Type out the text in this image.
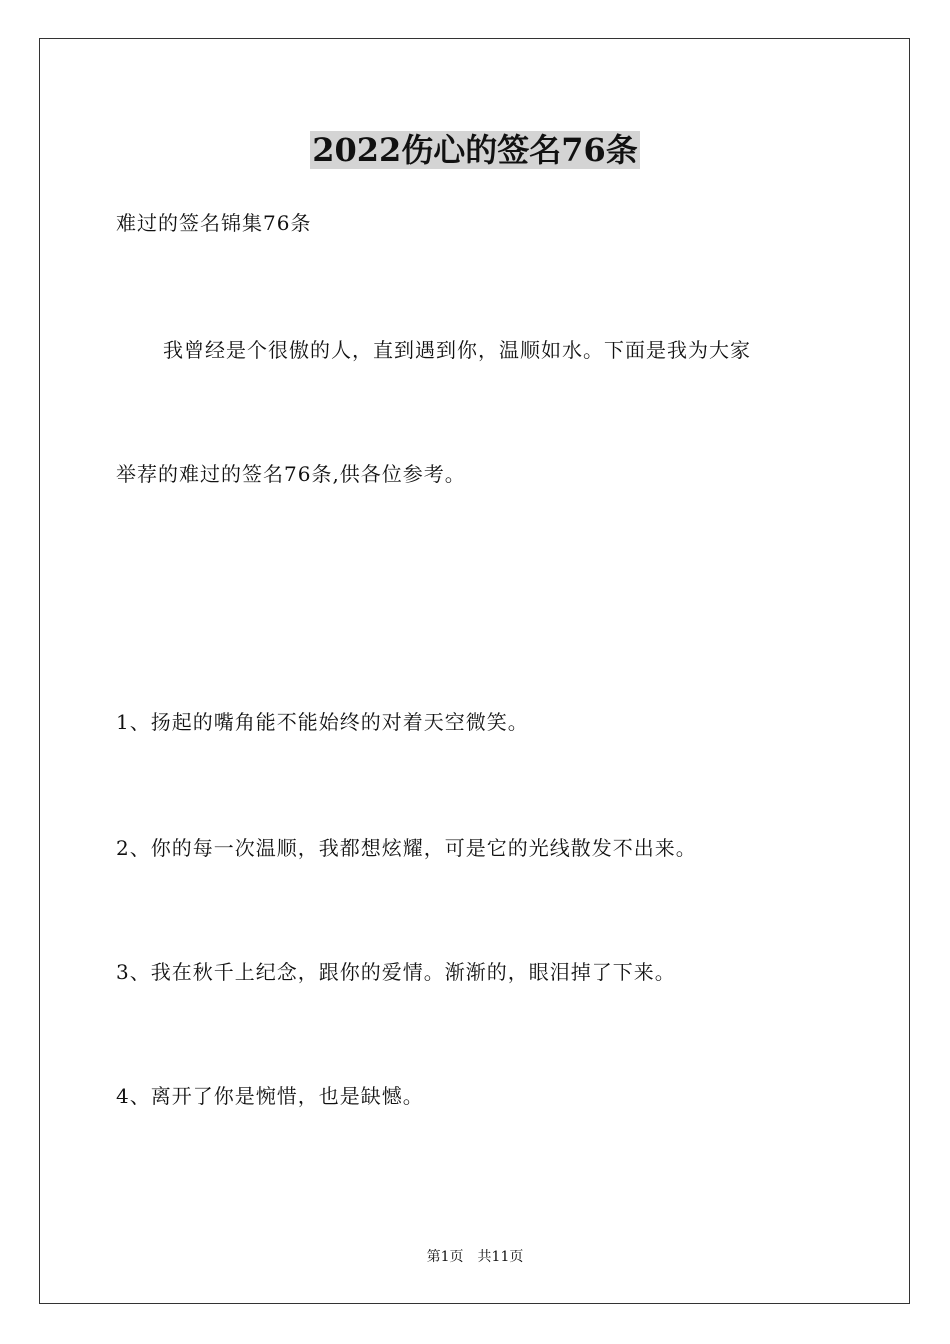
2022伤心的签名76条
难过的签名锦集76条
我曾经是个很傲的人，直到遇到你，温顺如水。下面是我为大家
举荐的难过的签名76条,供各位参考。
1、扬起的嘴角能不能始终的对着天空微笑。
2、你的每一次温顺，我都想炫耀，可是它的光线散发不出来。
3、我在秋千上纪念，跟你的爱情。渐渐的，眼泪掉了下来。
4、离开了你是惋惜，也是缺憾。
第1页 共11页
